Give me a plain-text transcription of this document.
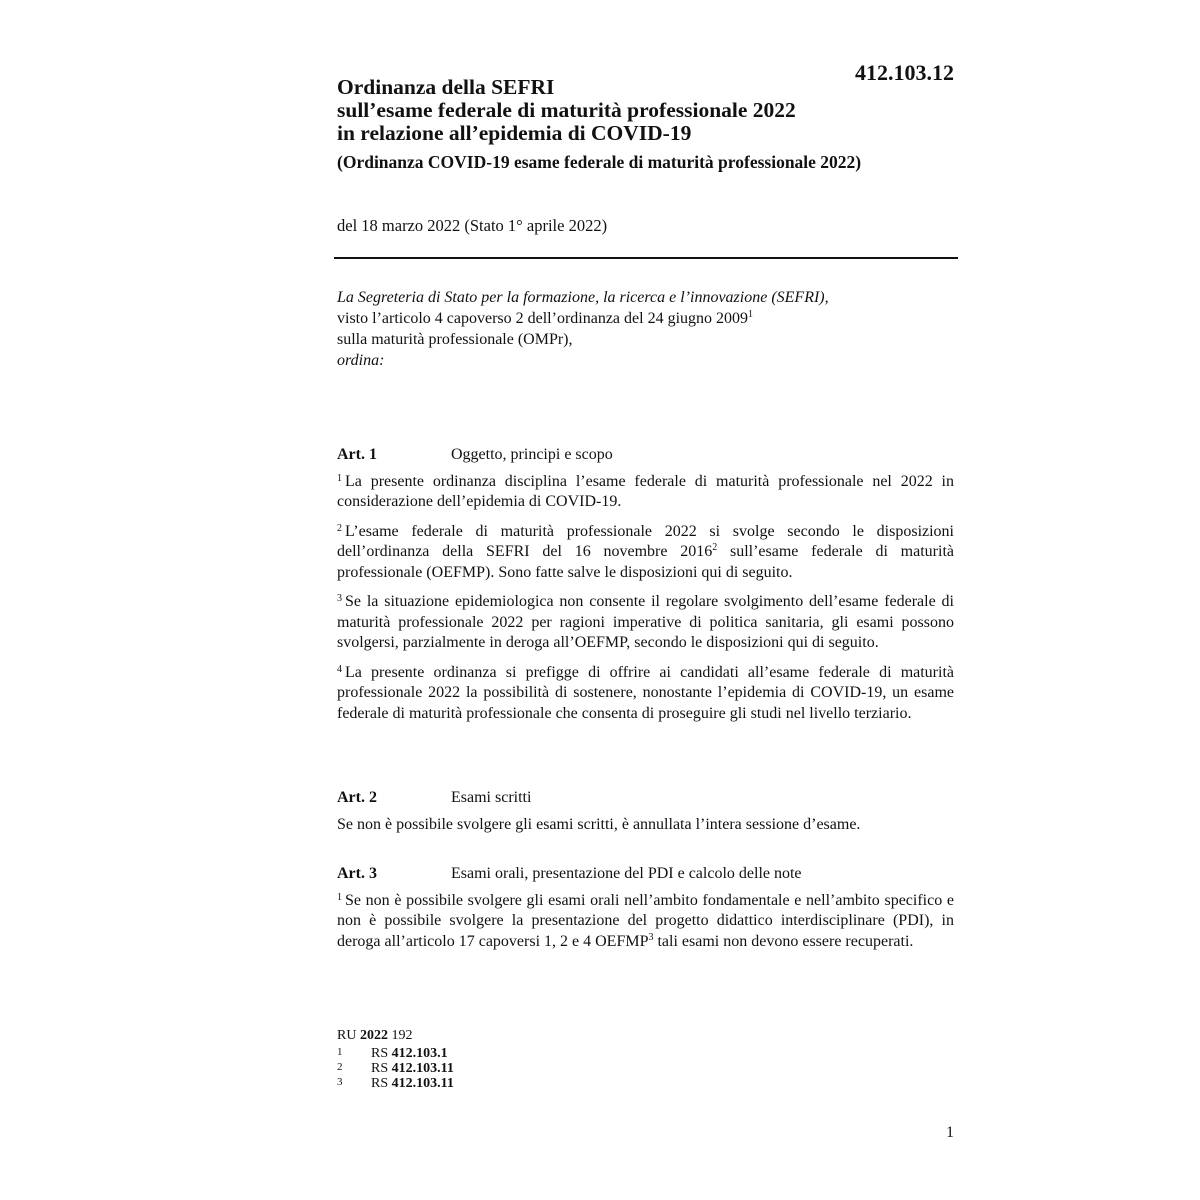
412.103.12
Ordinanza della SEFRI
sull’esame federale di maturità professionale 2022
in relazione all’epidemia di COVID-19
(Ordinanza COVID-19 esame federale di maturità professionale 2022)
del 18 marzo 2022 (Stato 1° aprile 2022)
La Segreteria di Stato per la formazione, la ricerca e l’innovazione (SEFRI),
visto l’articolo 4 capoverso 2 dell’ordinanza del 24 giugno 2009$^1$
sulla maturità professionale (OMPr),
ordina:
Art. 1	Oggetto, principi e scopo

$^1$ La presente ordinanza disciplina l’esame federale di maturità professionale nel 2022 in considerazione dell’epidemia di COVID-19.

$^2$ L’esame federale di maturità professionale 2022 si svolge secondo le disposizioni dell’ordinanza della SEFRI del 16 novembre 2016$^2$ sull’esame federale di maturità professionale (OEFMP). Sono fatte salve le disposizioni qui di seguito.

$^3$ Se la situazione epidemiologica non consente il regolare svolgimento dell’esame federale di maturità professionale 2022 per ragioni imperative di politica sanitaria, gli esami possono svolgersi, parzialmente in deroga all’OEFMP, secondo le disposizioni qui di seguito.

$^4$ La presente ordinanza si prefigge di offrire ai candidati all’esame federale di maturità professionale 2022 la possibilità di sostenere, nonostante l’epidemia di COVID-19, un esame federale di maturità professionale che consenta di proseguire gli studi nel livello terziario.

Art. 2	Esami scritti

Se non è possibile svolgere gli esami scritti, è annullata l’intera sessione d’esame.

Art. 3	Esami orali, presentazione del PDI e calcolo delle note

$^1$ Se non è possibile svolgere gli esami orali nell’ambito fondamentale e nell’ambito specifico e non è possibile svolgere la presentazione del progetto didattico interdisciplinare (PDI), in deroga all’articolo 17 capoversi 1, 2 e 4 OEFMP$^3$ tali esami non devono essere recuperati.

RU 2022 192
1	RS
412.103.1
2	RS
412.103.11
3	RS
412.103.11
1
